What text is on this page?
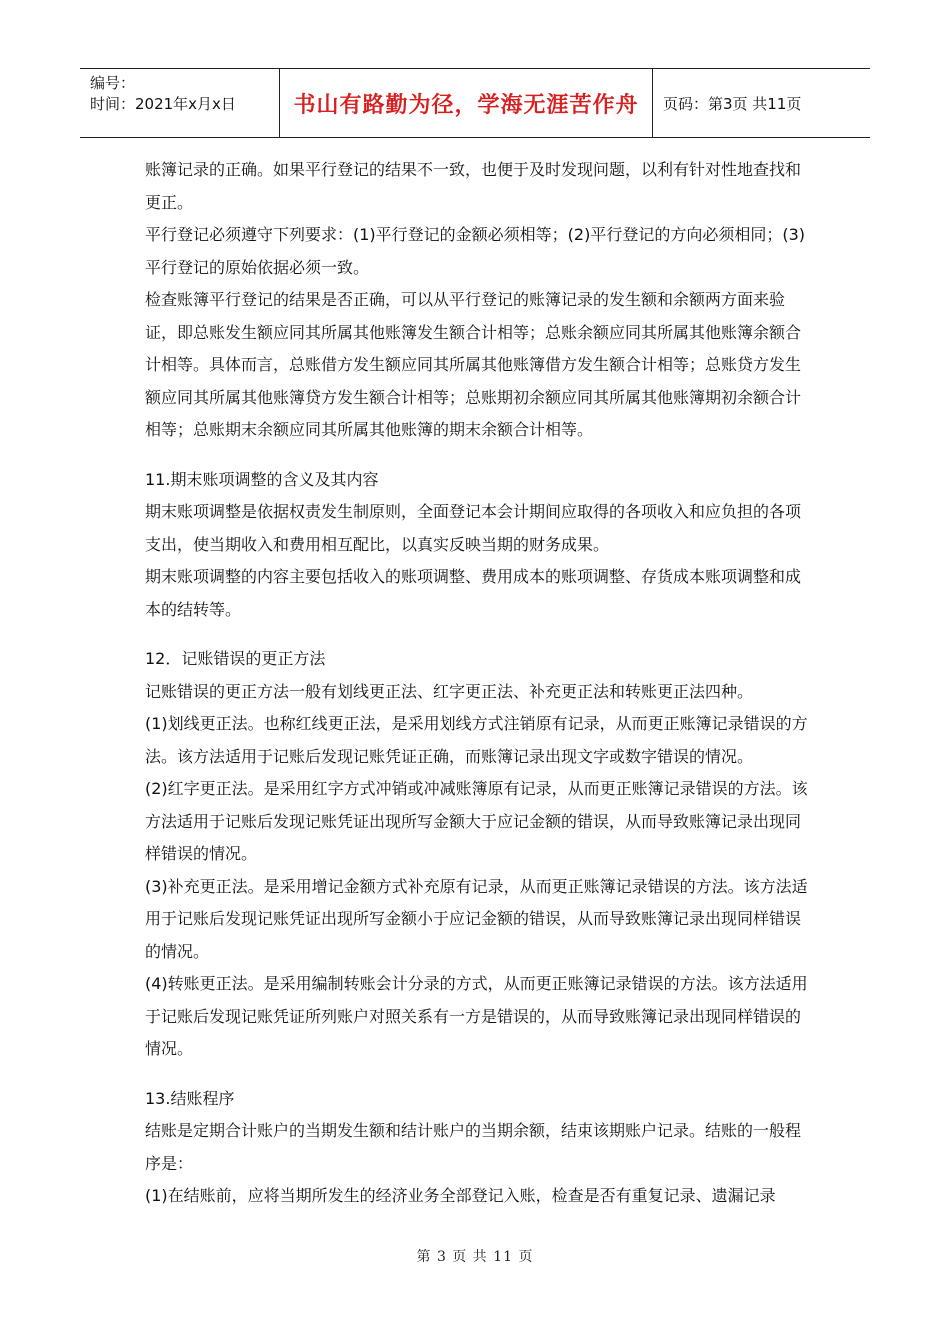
编号：
时间：2021年x月x日	书山有路勤为径，学海无涯苦作舟 页码：第3页 共11页

账簿记录的正确。如果平行登记的结果不一致，也便于及时发现问题，以利有针对性地查找和更正。

平行登记必须遵守下列要求：(1)平行登记的金额必须相等；(2)平行登记的方向必须相同；(3)平行登记的原始依据必须一致。

检查账簿平行登记的结果是否正确，可以从平行登记的账簿记录的发生额和余额两方面来验证，即总账发生额应同其所属其他账簿发生额合计相等；总账余额应同其所属其他账簿余额合计相等。具体而言，总账借方发生额应同其所属其他账簿借方发生额合计相等；总账贷方发生额应同其所属其他账簿贷方发生额合计相等；总账期初余额应同其所属其他账簿期初余额合计相等；总账期末余额应同其所属其他账簿的期末余额合计相等。

11.期末账项调整的含义及其内容

期末账项调整是依据权责发生制原则，全面登记本会计期间应取得的各项收入和应负担的各项支出，使当期收入和费用相互配比，以真实反映当期的财务成果。

期末账项调整的内容主要包括收入的账项调整、费用成本的账项调整、存货成本账项调整和成本的结转等。

12．记账错误的更正方法

记账错误的更正方法一般有划线更正法、红字更正法、补充更正法和转账更正法四种。

(1)划线更正法。也称红线更正法，是采用划线方式注销原有记录，从而更正账簿记录错误的方法。该方法适用于记账后发现记账凭证正确，而账簿记录出现文字或数字错误的情况。

(2)红字更正法。是采用红字方式冲销或冲减账簿原有记录，从而更正账簿记录错误的方法。该方法适用于记账后发现记账凭证出现所写金额大于应记金额的错误，从而导致账簿记录出现同样错误的情况。

(3)补充更正法。是采用增记金额方式补充原有记录，从而更正账簿记录错误的方法。该方法适用于记账后发现记账凭证出现所写金额小于应记金额的错误，从而导致账簿记录出现同样错误的情况。

(4)转账更正法。是采用编制转账会计分录的方式，从而更正账簿记录错误的方法。该方法适用于记账后发现记账凭证所列账户对照关系有一方是错误的，从而导致账簿记录出现同样错误的情况。

13.结账程序

结账是定期合计账户的当期发生额和结计账户的当期余额，结束该期账户记录。结账的一般程序是：

(1)在结账前，应将当期所发生的经济业务全部登记入账，检查是否有重复记录、遗漏记录

第 3 页 共 11 页
